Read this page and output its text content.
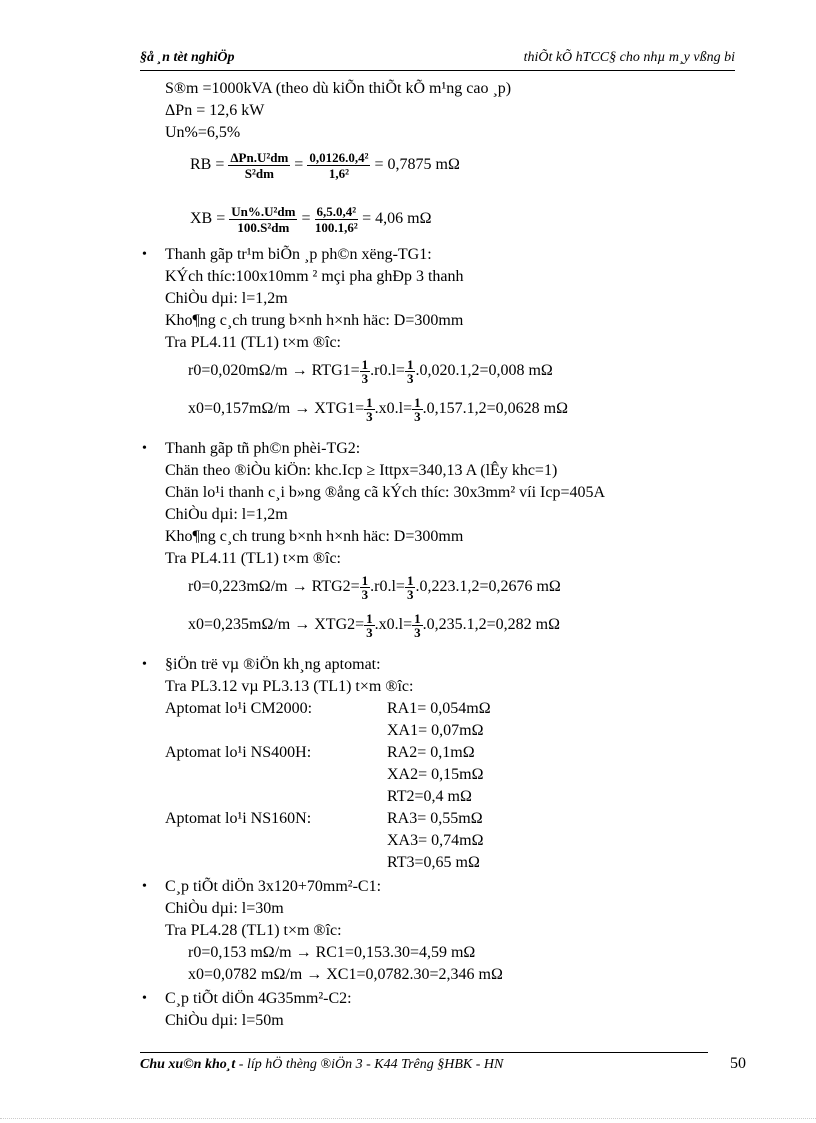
§å ¸n tèt nghiÖp	thiÕt kÕ hTCC§ cho nhµ m¸y vßng bi
S®m =1000kVA (theo dù kiÕn thiÕt kÕ m¹ng cao ¸p)
ΔPn = 12,6 kW
Un%=6,5%
RB = $\frac{\text{ΔPn.U²dm}}{\text{S²dm}} = \frac{\text{0,0126.0,4²}}{\text{1,6²}} = 0,7875$ mΩ
XB = $\frac{\text{Un\%.U²dm}}{\text{100.S²dm}} = \frac{\text{6,5.0,4²}}{\text{100.1,6²}} = 4,06$ mΩ
• Thanh gãp tr¹m biÕn ¸p ph©n xëng-TG1:
KÝch thíc:100x10mm ² mçi pha ghÐp 3 thanh
ChiÒu dµi: l=1,2m
Kho¶ng c¸ch trung b×nh h×nh häc: D=300mm
Tra PL4.11 (TL1) t×m ®îc:
$r0=0,020m\Omega/m \to RTG1= \frac{1}{3} .r0.l= \frac{1}{3} .0,020.1,2=0,008$ mΩ
$x0=0,157m\Omega/m \to XTG1= \frac{1}{3} .x0.l= \frac{1}{3} .0,157.1,2=0,0628$ mΩ
• Thanh gãp tñ ph©n phèi-TG2:
Chän theo ®iÒu kiÖn: khc.Icp ≥ Ittpx=340,13 A (lÊy khc=1)
Chän lo¹i thanh c¸i b»ng ®ång cã kÝch thíc: 30x3mm² víi Icp=405A
ChiÒu dµi: l=1,2m
Kho¶ng c¸ch trung b×nh h×nh häc: D=300mm
Tra PL4.11 (TL1) t×m ®îc:
$r0=0,223m\Omega/m \to RTG2= \frac{1}{3} .r0.l= \frac{1}{3} .0,223.1,2=0,2676$ mΩ
$x0=0,235m\Omega/m \to XTG2= \frac{1}{3} .x0.l= \frac{1}{3} .0,235.1,2=0,282$ mΩ
• §iÖn trë vµ ®iÖn kh¸ng aptomat:
Tra PL3.12 vµ PL3.13 (TL1) t×m ®îc:
Aptomat lo¹i CM2000:	RA1= 0,054mΩ
XA1= 0,07mΩ
Aptomat lo¹i NS400H:	RA2= 0,1mΩ
XA2= 0,15mΩ
RT2=0,4 mΩ
Aptomat lo¹i NS160N:	RA3= 0,55mΩ
XA3= 0,74mΩ
RT3=0,65 mΩ
• C¸p tiÕt diÖn 3x120+70mm²-C1:
ChiÒu dµi: l=30m
Tra PL4.28 (TL1) t×m ®îc:
r0=0,153 mΩ/m → RC1=0,153.30=4,59 mΩ
x0=0,0782 mΩ/m → XC1=0,0782.30=2,346 mΩ
• C¸p tiÕt diÖn 4G35mm²-C2:
ChiÒu dµi: l=50m
Chu xu©n kho¸t - líp hÖ thèng ®iÖn 3 - K44 Trêng §HBK - HN	50
